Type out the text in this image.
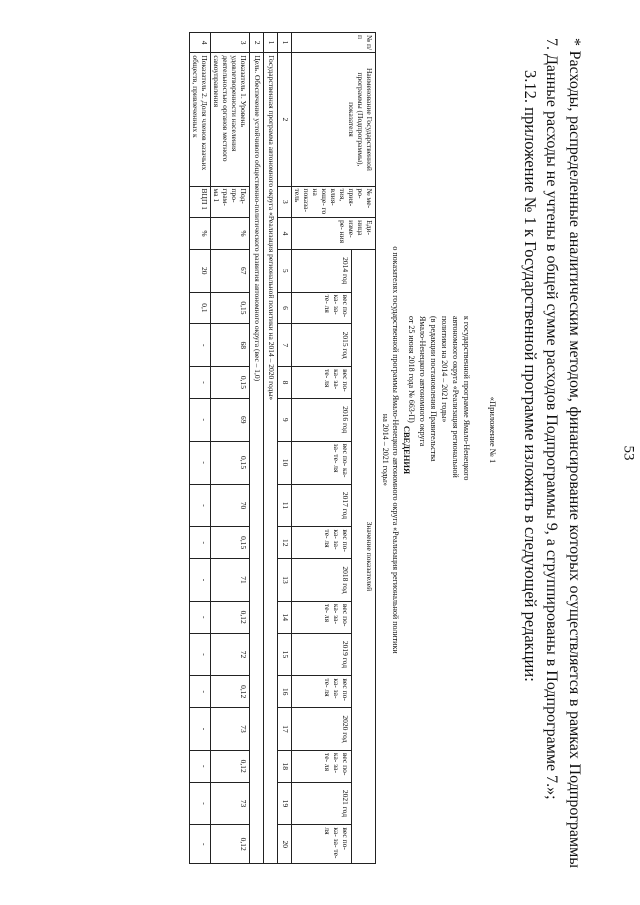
53
* Расходы, распределенные аналитическим методом, финансирование которых осуществляется в рамках Подпрограммы 7. Данные расходы не учтены в общей сумме расходов Подпрограммы 9, а сгруппированы в Подпрограмме 7.»;
3.12. приложение № 1 к Государственной программе изложить в следующей редакции:
«Приложение № 1
к государственной программе Ямало-Ненецкого
автономного округа «Реализация региональной
политики на 2014 – 2021 годы»
(в редакции постановления Правительства
Ямало-Ненецкого автономного округа
от 25 июня 2018 года № 663-П)
СВЕДЕНИЯ
о показателях государственной программы Ямало-Ненецкого автономного округа «Реализация региональной политики
на 2014 – 2021 годы»
№ п/п	Наименование Государственной программы (Подпрограммы), показателя	№ ме- ро- прия- тия, влия- юще- го на показа- тель	Еди- ница изме- ре- ния	Значение показателей															
				2014 год	вес по- ка- за- те- ля	2015 год	вес по- ка- за- те- ля	2016 год	вес по- ка- за- те- ля	2017 год	вес по- ка- за- те- ля	2018 год	вес по- ка- за- те- ля	2019 год	вес по- ка- за- те- ля	2020 год	вес по- ка- за- те- ля	2021 год	вес по- ка- за- те- ля
1	2	3	4	5	6	7	8	9	10	11	12	13	14	15	16	17	18	19	20
1	Государственная программа автономного округа «Реализация региональной политики на 2014 – 2020 годы»																		
2	Цель. Обеспечение устойчивого общественно-политического развития автономного округа (вес – 1,0)																		
3	Показатель 1. Уровень удовлетворенности населения деятельностью органов местного самоуправления	Под- про- грам- ма 1	%	67	0,15	68	0,15	69	0,15	70	0,15	71	0,12	72	0,12	73	0,12	73	0,12
4	Показатель 2. Доля членов казачьих обществ, привлеченных к	ВЦП 1	%	20	0,1	-	-	-	-	-	-	-	-	-	-	-	-	-	-
